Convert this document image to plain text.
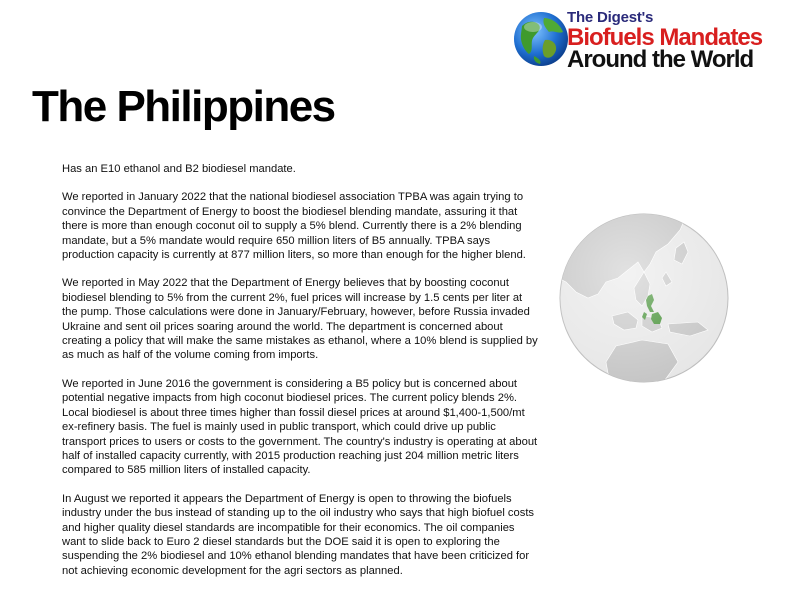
The Digest's
Biofuels Mandates
Around the World
The Philippines

Has an E10 ethanol and B2 biodiesel mandate.

We reported in January 2022 that the national biodiesel association TPBA was again trying to convince the Department of Energy to boost the biodiesel blending mandate, assuring it that there is more than enough coconut oil to supply a 5% blend. Currently there is a 2% blending mandate, but a 5% mandate would require 650 million liters of B5 annually. TPBA says production capacity is currently at 877 million liters, so more than enough for the higher blend.

We reported in May 2022 that the Department of Energy believes that by boosting coconut biodiesel blending to 5% from the current 2%, fuel prices will increase by 1.5 cents per liter at the pump. Those calculations were done in January/February, however, before Russia invaded Ukraine and sent oil prices soaring around the world. The department is concerned about creating a policy that will make the same mistakes as ethanol, where a 10% blend is supplied by as much as half of the volume coming from imports.

We reported in June 2016 the government is considering a B5 policy but is concerned about potential negative impacts from high coconut biodiesel prices. The current policy blends 2%. Local biodiesel is about three times higher than fossil diesel prices at around $1,400-1,500/mt ex-refinery basis. The fuel is mainly used in public transport, which could drive up public transport prices to users or costs to the government. The country's industry is operating at about half of installed capacity currently, with 2015 production reaching just 204 million metric liters compared to 585 million liters of installed capacity.

In August we reported it appears the Department of Energy is open to throwing the biofuels industry under the bus instead of standing up to the oil industry who says that high biofuel costs and higher quality diesel standards are incompatible for their economics. The oil companies want to slide back to Euro 2 diesel standards but the DOE said it is open to exploring the suspending the 2% biodiesel and 10% ethanol blending mandates that have been criticized for not achieving economic development for the agri sectors as planned.
